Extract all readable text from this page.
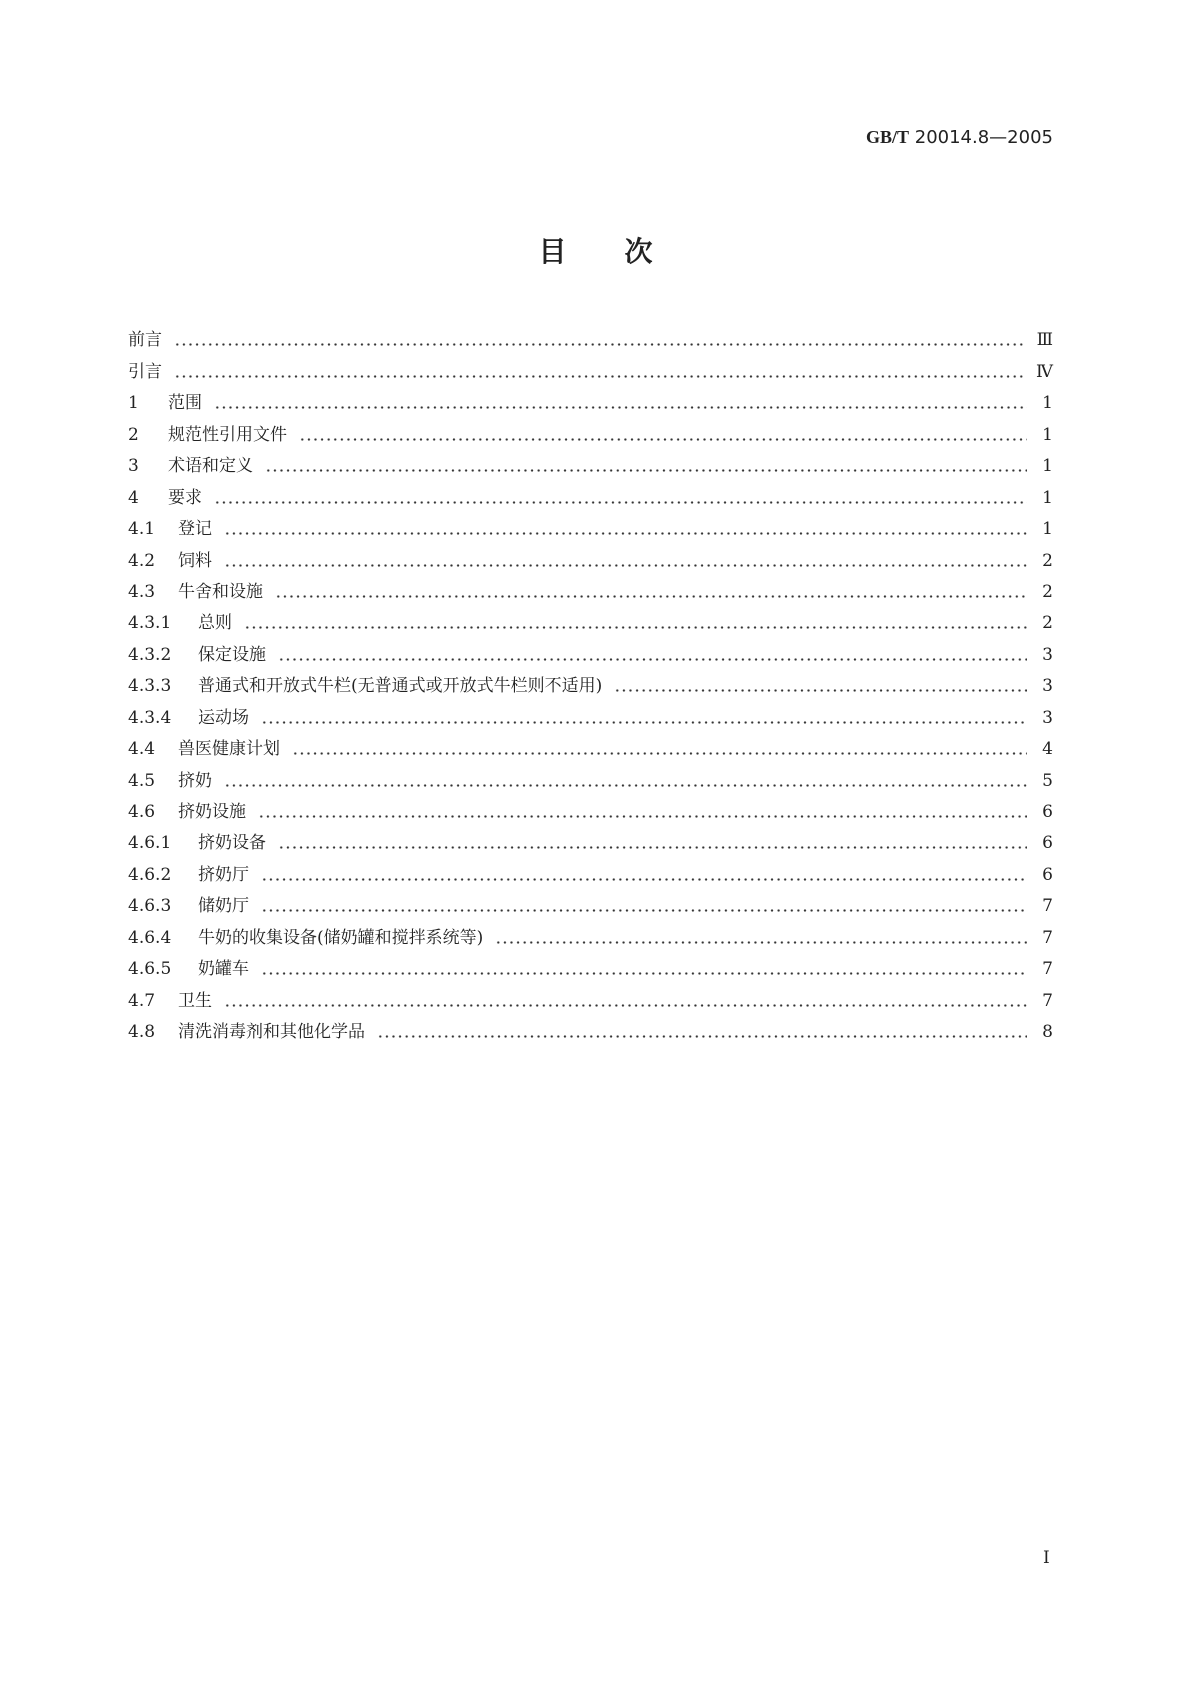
GB/T 20014.8—2005
目次
前言	Ⅲ
引言	Ⅳ
1	范围	1
2	规范性引用文件	1
3	术语和定义	1
4	要求	1
4.1	登记	1
4.2	饲料	2
4.3	牛舍和设施	2
4.3.1	总则	2
4.3.2	保定设施	3
4.3.3	普通式和开放式牛栏(无普通式或开放式牛栏则不适用)	3
4.3.4	运动场	3
4.4	兽医健康计划	4
4.5	挤奶	5
4.6	挤奶设施	6
4.6.1	挤奶设备	6
4.6.2	挤奶厅	6
4.6.3	储奶厅	7
4.6.4	牛奶的收集设备(储奶罐和搅拌系统等)	7
4.6.5	奶罐车	7
4.7	卫生	7
4.8	清洗消毒剂和其他化学品	8
I
